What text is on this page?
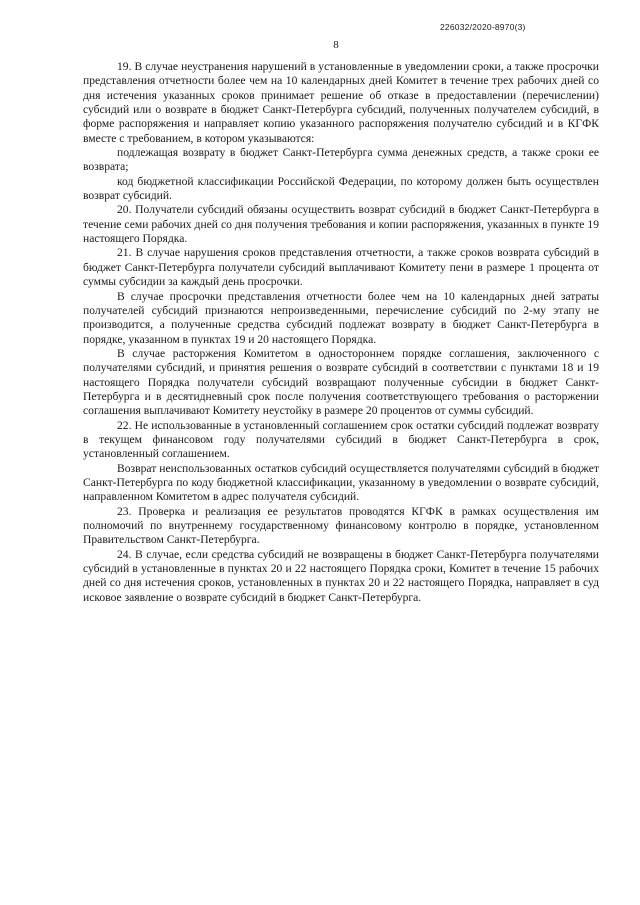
226032/2020-8970(3)
8

19. В случае неустранения нарушений в установленные в уведомлении сроки, а также просрочки представления отчетности более чем на 10 календарных дней Комитет в течение трех рабочих дней со дня истечения указанных сроков принимает решение об отказе в предоставлении (перечислении) субсидий или о возврате в бюджет Санкт-Петербурга субсидий, полученных получателем субсидий, в форме распоряжения и направляет копию указанного распоряжения получателю субсидий и в КГФК вместе с требованием, в котором указываются:

подлежащая возврату в бюджет Санкт-Петербурга сумма денежных средств, а также сроки ее возврата;

код бюджетной классификации Российской Федерации, по которому должен быть осуществлен возврат субсидий.

20. Получатели субсидий обязаны осуществить возврат субсидий в бюджет Санкт-Петербурга в течение семи рабочих дней со дня получения требования и копии распоряжения, указанных в пункте 19 настоящего Порядка.

21. В случае нарушения сроков представления отчетности, а также сроков возврата субсидий в бюджет Санкт-Петербурга получатели субсидий выплачивают Комитету пени в размере 1 процента от суммы субсидии за каждый день просрочки.

В случае просрочки представления отчетности более чем на 10 календарных дней затраты получателей субсидий признаются непроизведенными, перечисление субсидий по 2-му этапу не производится, а полученные средства субсидий подлежат возврату в бюджет Санкт-Петербурга в порядке, указанном в пунктах 19 и 20 настоящего Порядка.

В случае расторжения Комитетом в одностороннем порядке соглашения, заключенного с получателями субсидий, и принятия решения о возврате субсидий в соответствии с пунктами 18 и 19 настоящего Порядка получатели субсидий возвращают полученные субсидии в бюджет Санкт-Петербурга и в десятидневный срок после получения соответствующего требования о расторжении соглашения выплачивают Комитету неустойку в размере 20 процентов от суммы субсидий.

22. Не использованные в установленный соглашением срок остатки субсидий подлежат возврату в текущем финансовом году получателями субсидий в бюджет Санкт-Петербурга в срок, установленный соглашением.

Возврат неиспользованных остатков субсидий осуществляется получателями субсидий в бюджет Санкт-Петербурга по коду бюджетной классификации, указанному в уведомлении о возврате субсидий, направленном Комитетом в адрес получателя субсидий.

23. Проверка и реализация ее результатов проводятся КГФК в рамках осуществления им полномочий по внутреннему государственному финансовому контролю в порядке, установленном Правительством Санкт-Петербурга.

24. В случае, если средства субсидий не возвращены в бюджет Санкт-Петербурга получателями субсидий в установленные в пунктах 20 и 22 настоящего Порядка сроки, Комитет в течение 15 рабочих дней со дня истечения сроков, установленных в пунктах 20 и 22 настоящего Порядка, направляет в суд исковое заявление о возврате субсидий в бюджет Санкт-Петербурга.
